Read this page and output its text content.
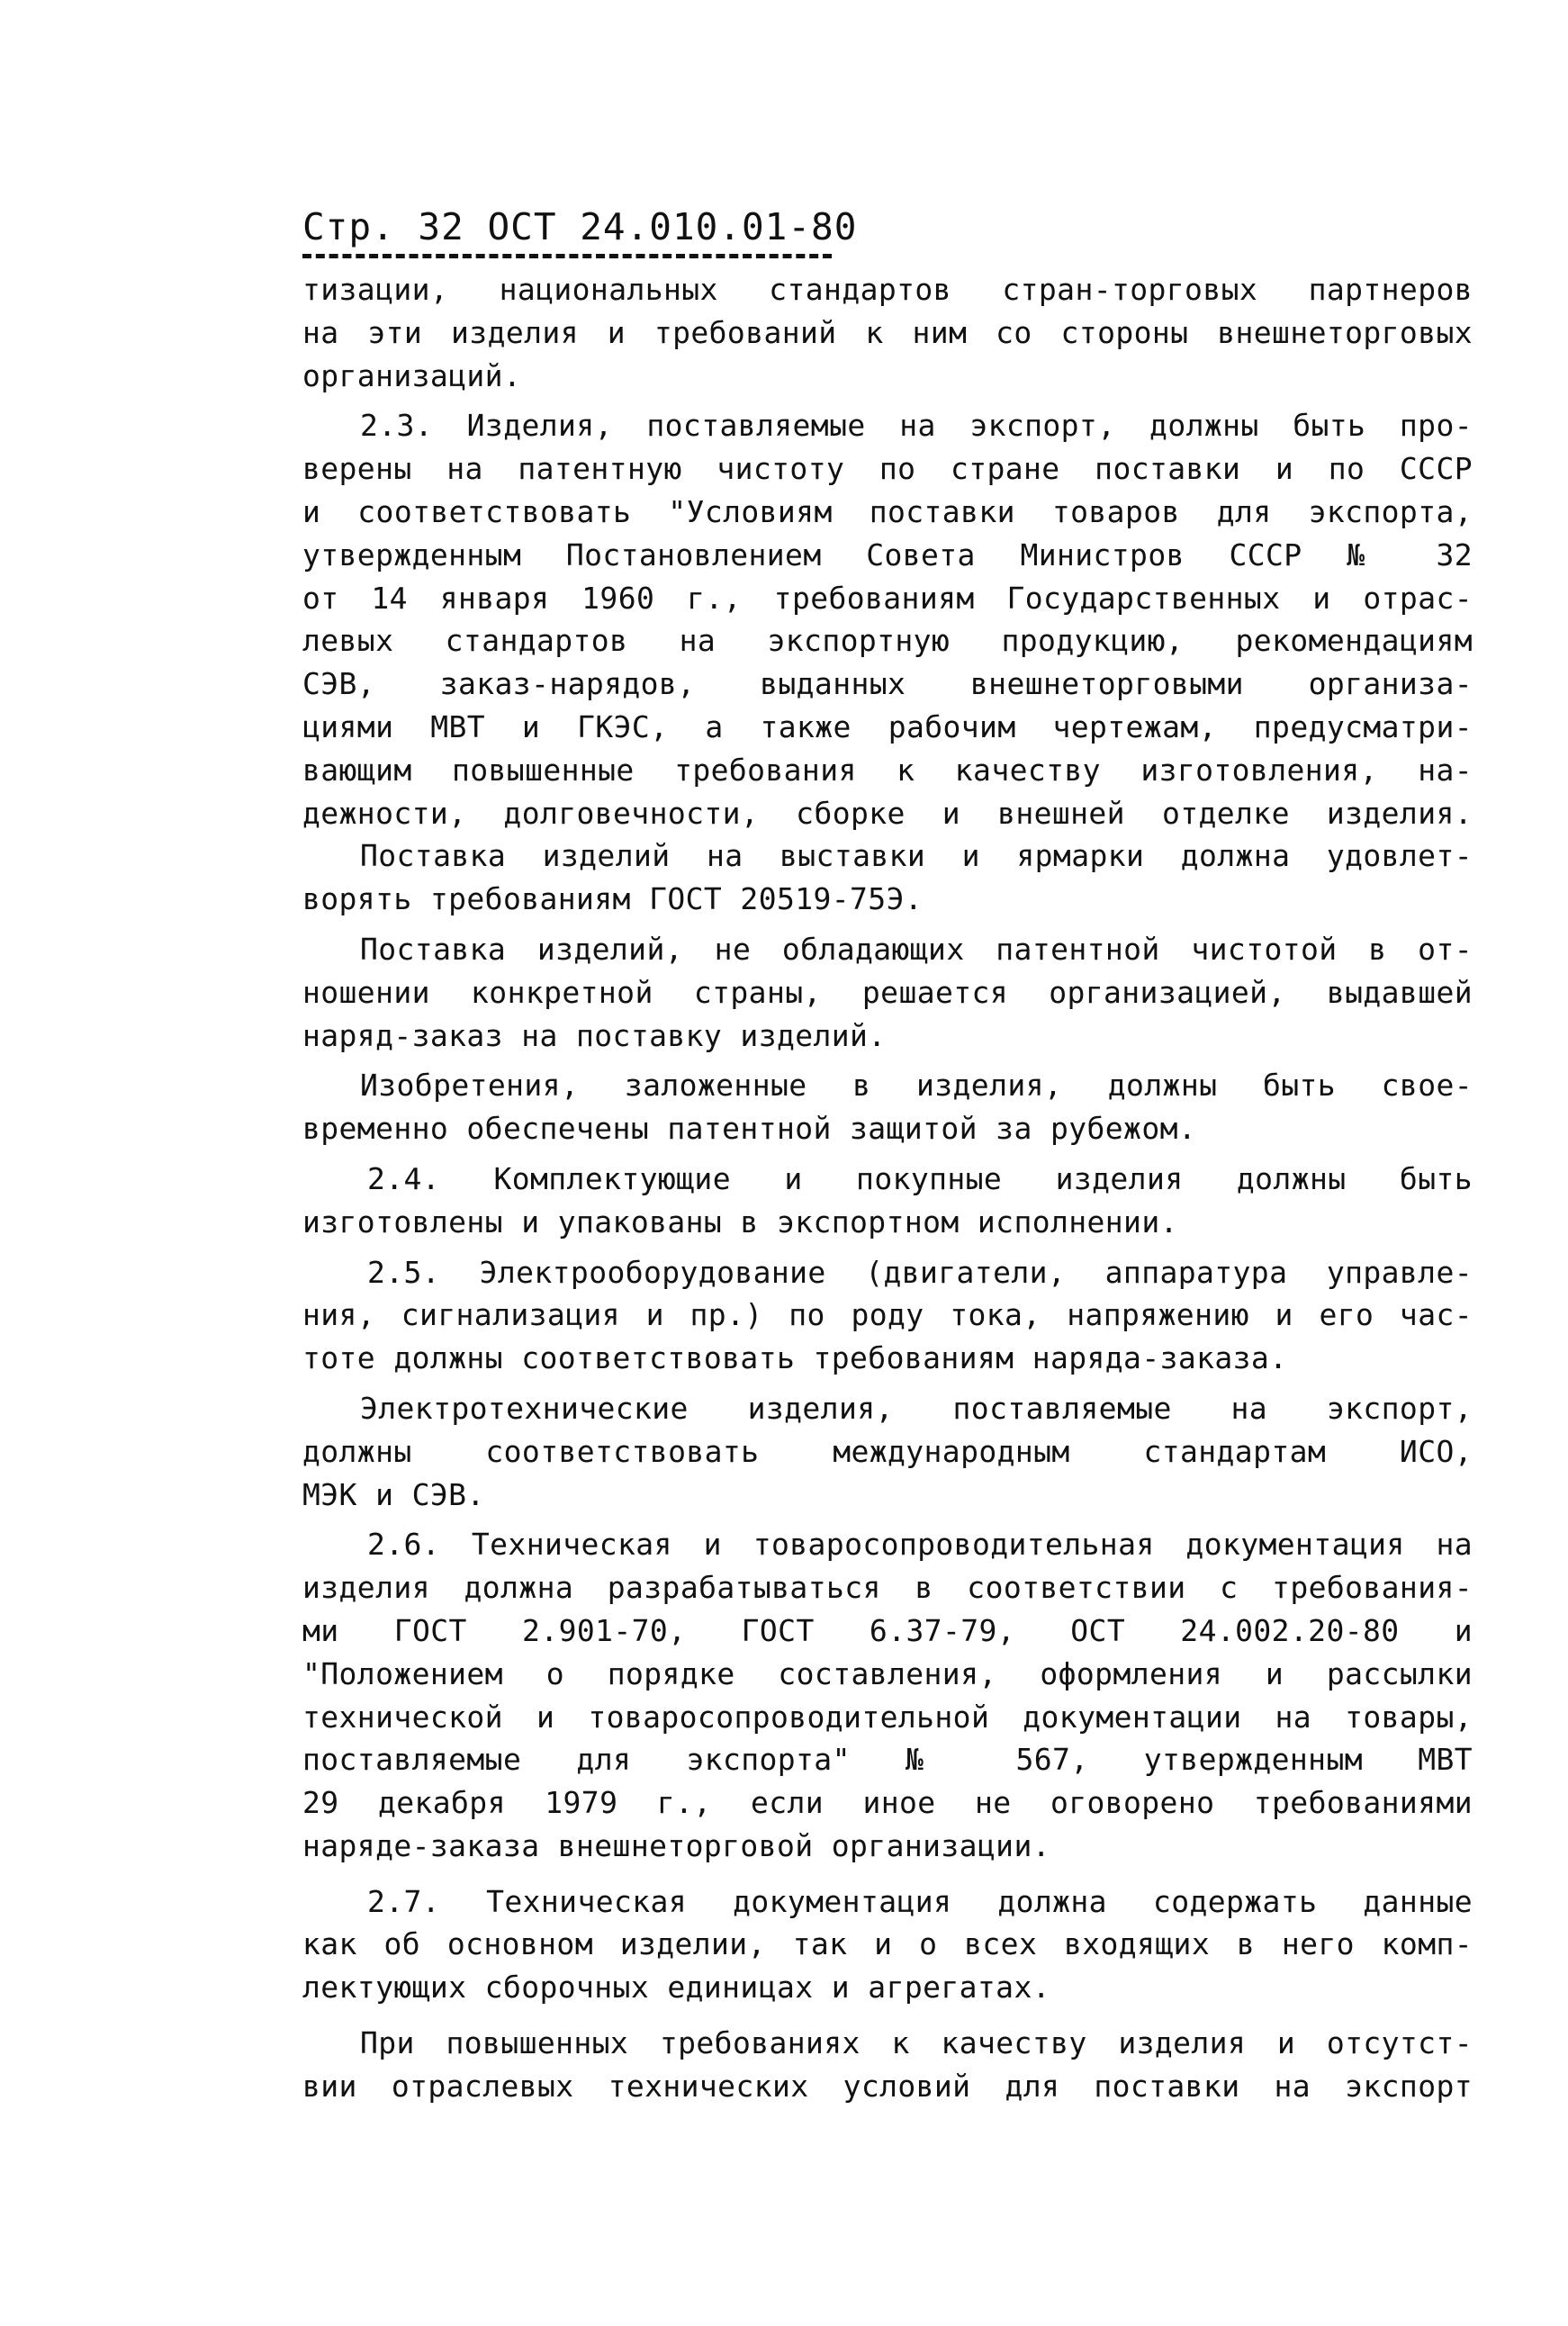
Стр. 32 ОСТ 24.010.01-80
тизации, национальных стандартов стран-торговых партнеров
на эти изделия и требований к ним со стороны внешнеторговых
организаций.
2.3. Изделия, поставляемые на экспорт, должны быть про-
верены на патентную чистоту по стране поставки и по СССР
и соответствовать "Условиям поставки товаров для экспорта,
утвержденным Постановлением Совета Министров СССР № 32
от 14 января 1960 г., требованиям Государственных и отрас-
левых стандартов на экспортную продукцию, рекомендациям
СЭВ, заказ-нарядов, выданных внешнеторговыми организа-
циями МВТ и ГКЭС, а также рабочим чертежам, предусматри-
вающим повышенные требования к качеству изготовления, на-
дежности, долговечности, сборке и внешней отделке изделия.
Поставка изделий на выставки и ярмарки должна удовлет-
ворять требованиям ГОСТ 20519-75Э.
Поставка изделий, не обладающих патентной чистотой в от-
ношении конкретной страны, решается организацией, выдавшей
наряд-заказ на поставку изделий.
Изобретения, заложенные в изделия, должны быть свое-
временно обеспечены патентной защитой за рубежом.
2.4. Комплектующие и покупные изделия должны быть
изготовлены и упакованы в экспортном исполнении.
2.5. Электрооборудование (двигатели, аппаратура управле-
ния, сигнализация и пр.) по роду тока, напряжению и его час-
тоте должны соответствовать требованиям наряда-заказа.
Электротехнические изделия, поставляемые на экспорт,
должны соответствовать международным стандартам ИСО,
МЭК и СЭВ.
2.6. Техническая и товаросопроводительная документация на
изделия должна разрабатываться в соответствии с требования-
ми ГОСТ 2.901-70, ГОСТ 6.37-79, ОСТ 24.002.20-80 и
"Положением о порядке составления, оформления и рассылки
технической и товаросопроводительной документации на товары,
поставляемые для экспорта" № 567, утвержденным МВТ
29 декабря 1979 г., если иное не оговорено требованиями
наряде-заказа внешнеторговой организации.
2.7. Техническая документация должна содержать данные
как об основном изделии, так и о всех входящих в него комп-
лектующих сборочных единицах и агрегатах.
При повышенных требованиях к качеству изделия и отсутст-
вии отраслевых технических условий для поставки на экспорт
